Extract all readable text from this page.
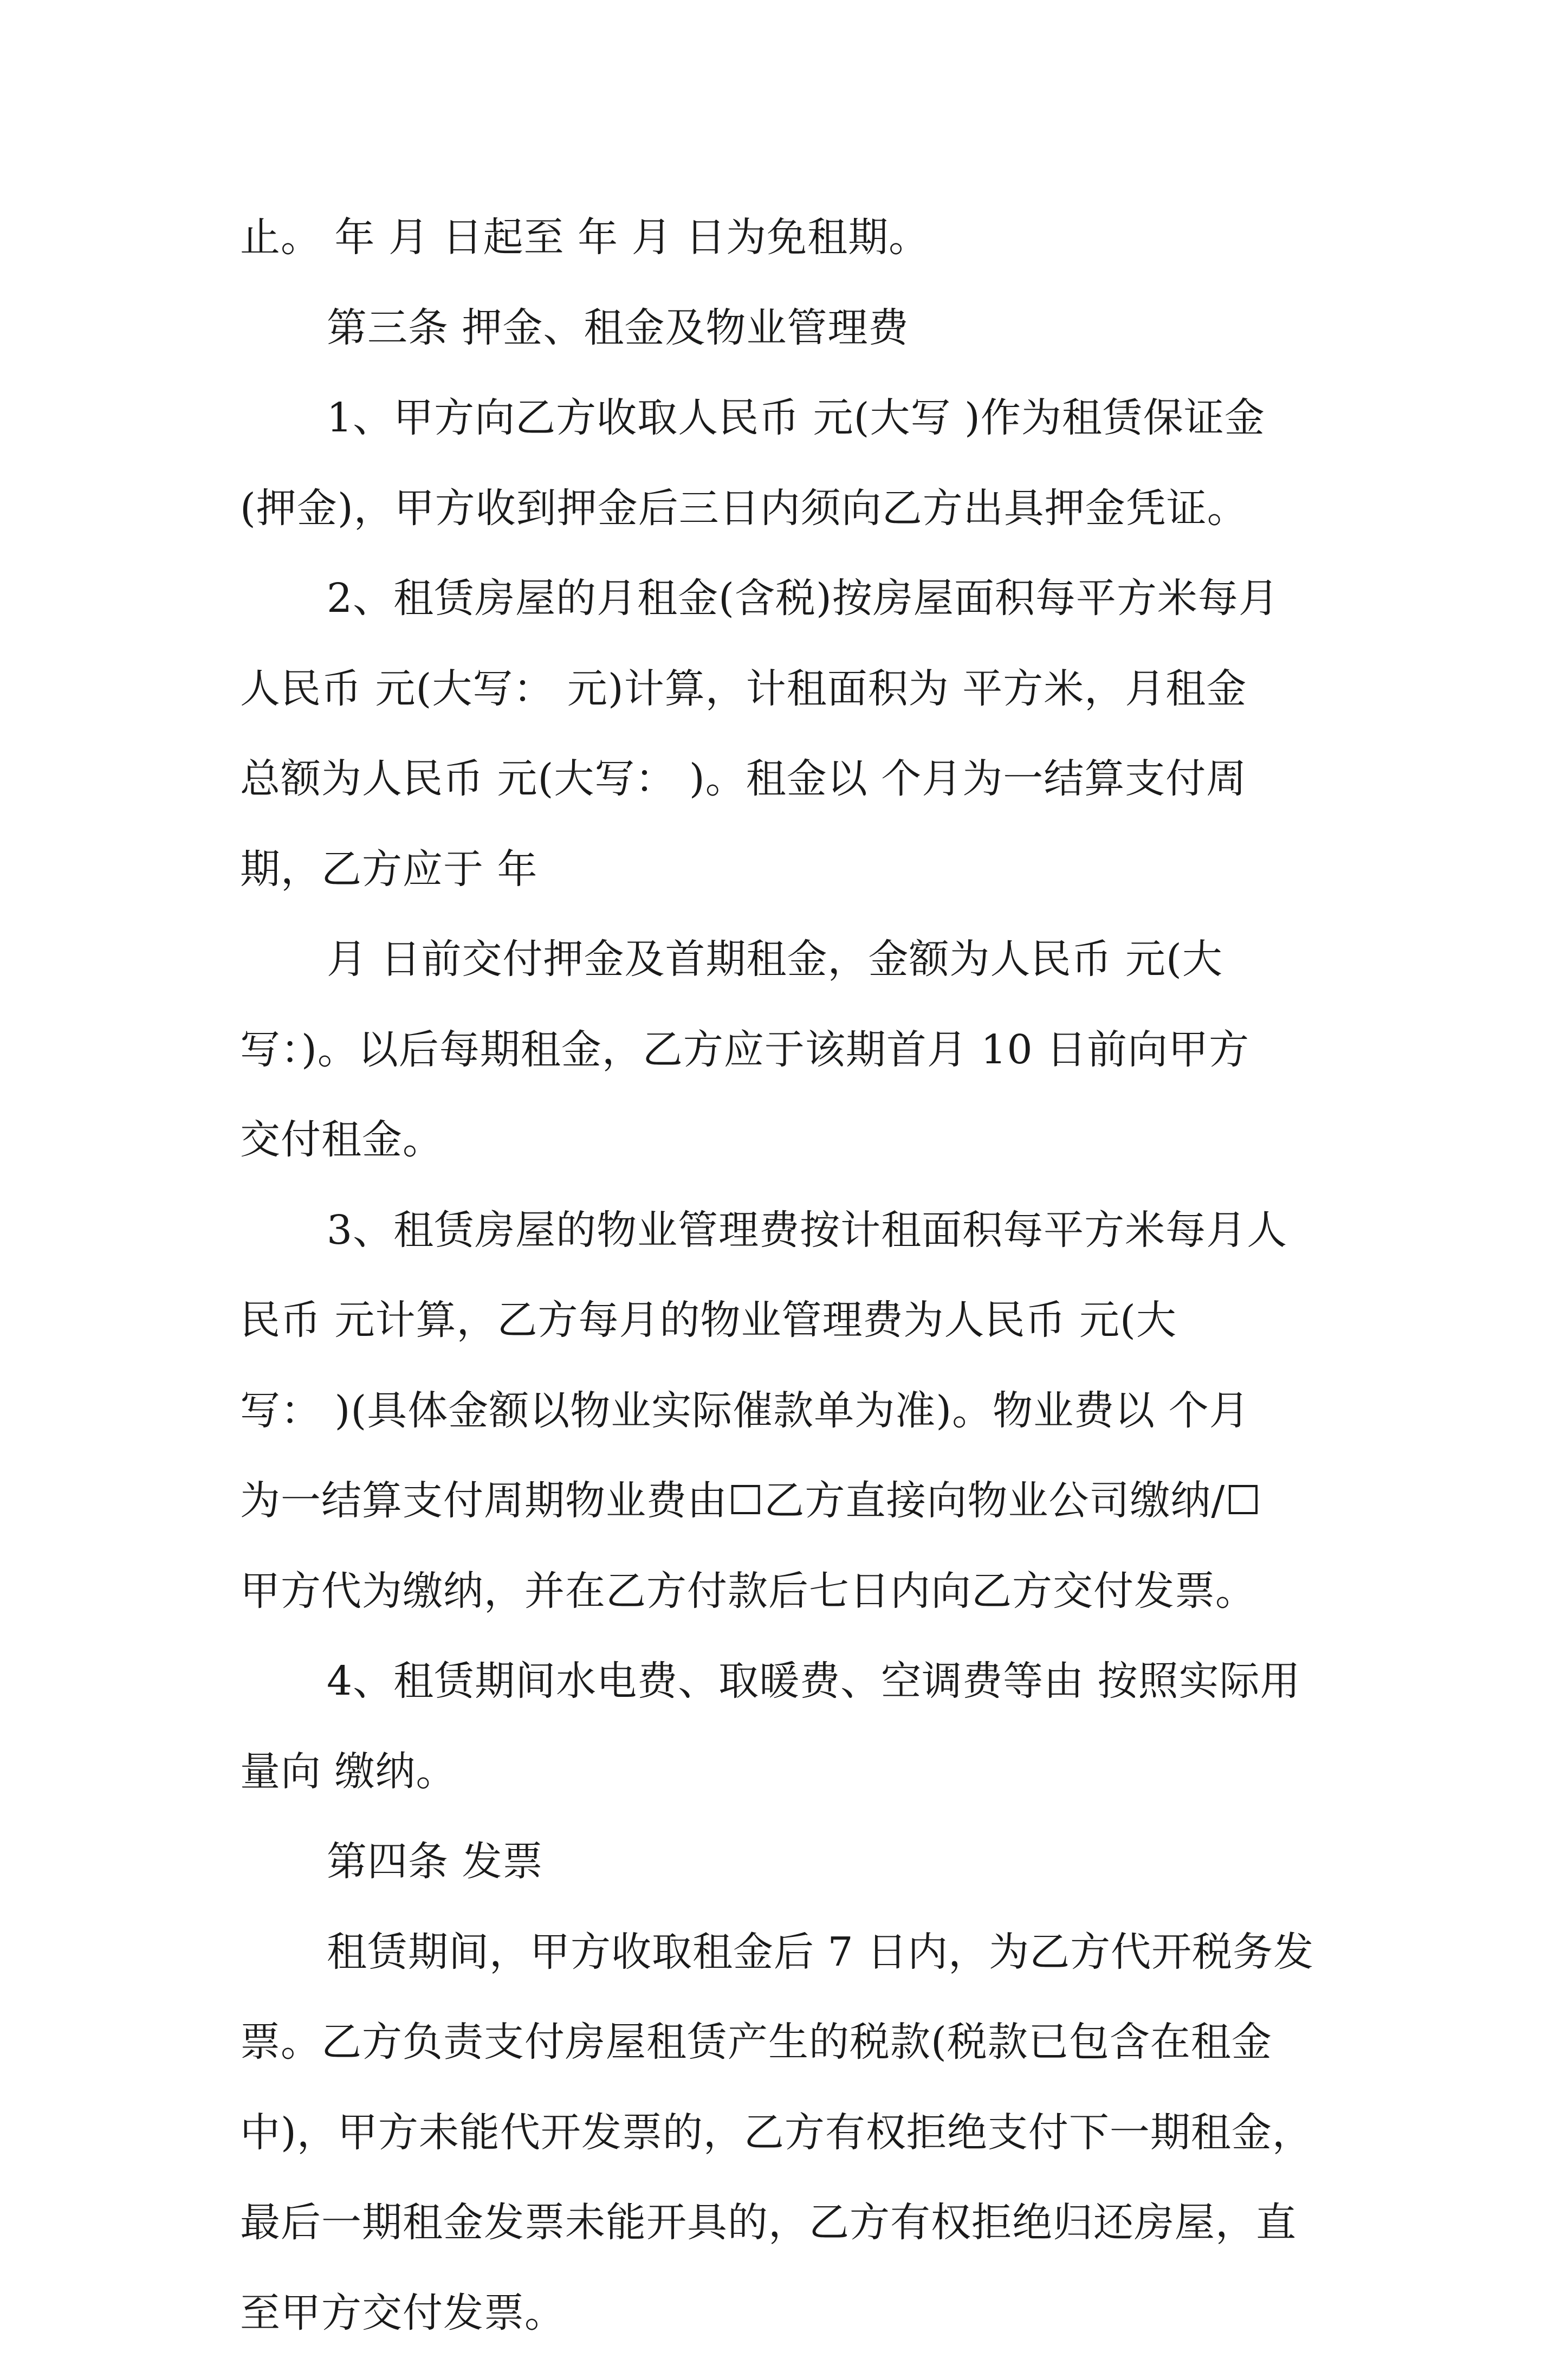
止。 年 月 日起至 年 月 日为免租期。
第三条 押金、租金及物业管理费
1、甲方向乙方收取人民币 元(大写 )作为租赁保证金
(押金)，甲方收到押金后三日内须向乙方出具押金凭证。
2、租赁房屋的月租金(含税)按房屋面积每平方米每月
人民币 元(大写： 元)计算，计租面积为 平方米，月租金
总额为人民币 元(大写： )。租金以 个月为一结算支付周
期，乙方应于 年
月 日前交付押金及首期租金，金额为人民币 元(大
写：)。以后每期租金，乙方应于该期首月 10 日前向甲方
交付租金。
3、租赁房屋的物业管理费按计租面积每平方米每月人
民币 元计算，乙方每月的物业管理费为人民币 元(大
写： )(具体金额以物业实际催款单为准)。物业费以 个月
为一结算支付周期物业费由☐乙方直接向物业公司缴纳/☐
甲方代为缴纳，并在乙方付款后七日内向乙方交付发票。
4、租赁期间水电费、取暖费、空调费等由 按照实际用
量向 缴纳。
第四条 发票
租赁期间，甲方收取租金后 7 日内，为乙方代开税务发
票。乙方负责支付房屋租赁产生的税款(税款已包含在租金
中)，甲方未能代开发票的，乙方有权拒绝支付下一期租金，
最后一期租金发票未能开具的，乙方有权拒绝归还房屋，直
至甲方交付发票。
